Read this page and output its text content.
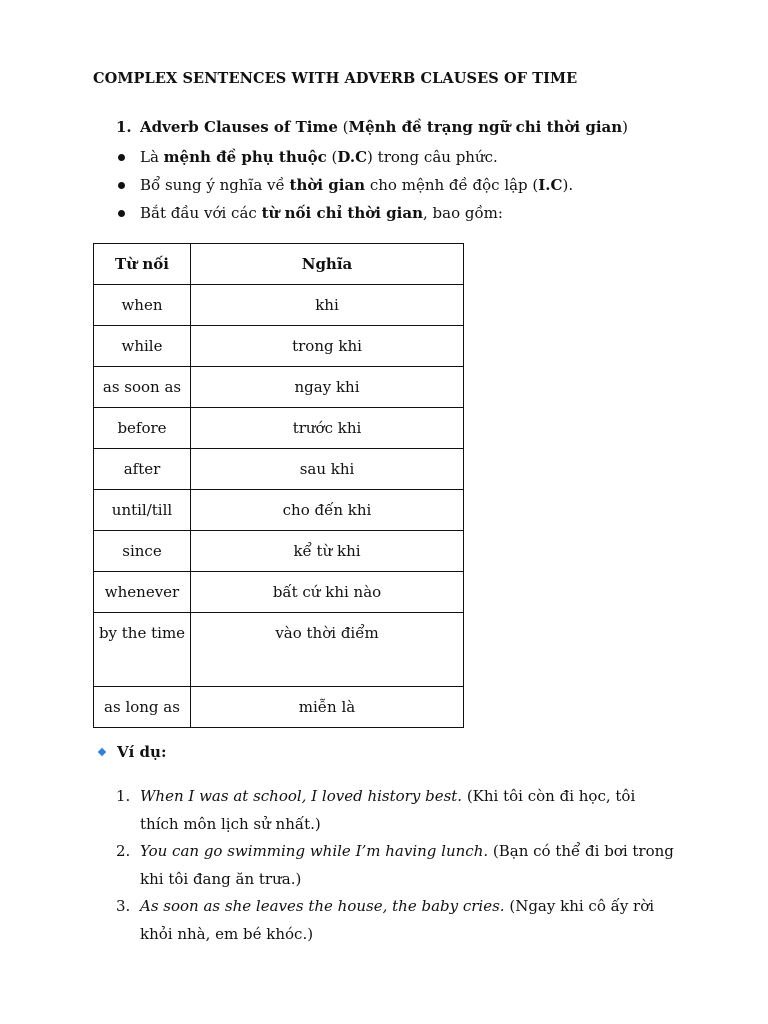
COMPLEX SENTENCES WITH ADVERB CLAUSES OF TIME
1. Adverb Clauses of Time (Mệnh đề trạng ngữ chi thời gian)
Là mệnh đề phụ thuộc (D.C) trong câu phức.
Bổ sung ý nghĩa về thời gian cho mệnh đề độc lập (I.C).
Bắt đầu với các từ nối chỉ thời gian, bao gồm:
Từ nối	Nghĩa
when	khi
while	trong khi
as soon as	ngay khi
before	trước khi
after	sau khi
until/till	cho đến khi
since	kể từ khi
whenever	bất cứ khi nào
by the time	vào thời điểm
as long as	miễn là
Ví dụ:
1. When I was at school, I loved history best. (Khi tôi còn đi học, tôi thích môn lịch sử nhất.)
2. You can go swimming while I’m having lunch. (Bạn có thể đi bơi trong khi tôi đang ăn trưa.)
3. As soon as she leaves the house, the baby cries. (Ngay khi cô ấy rời khỏi nhà, em bé khóc.)
